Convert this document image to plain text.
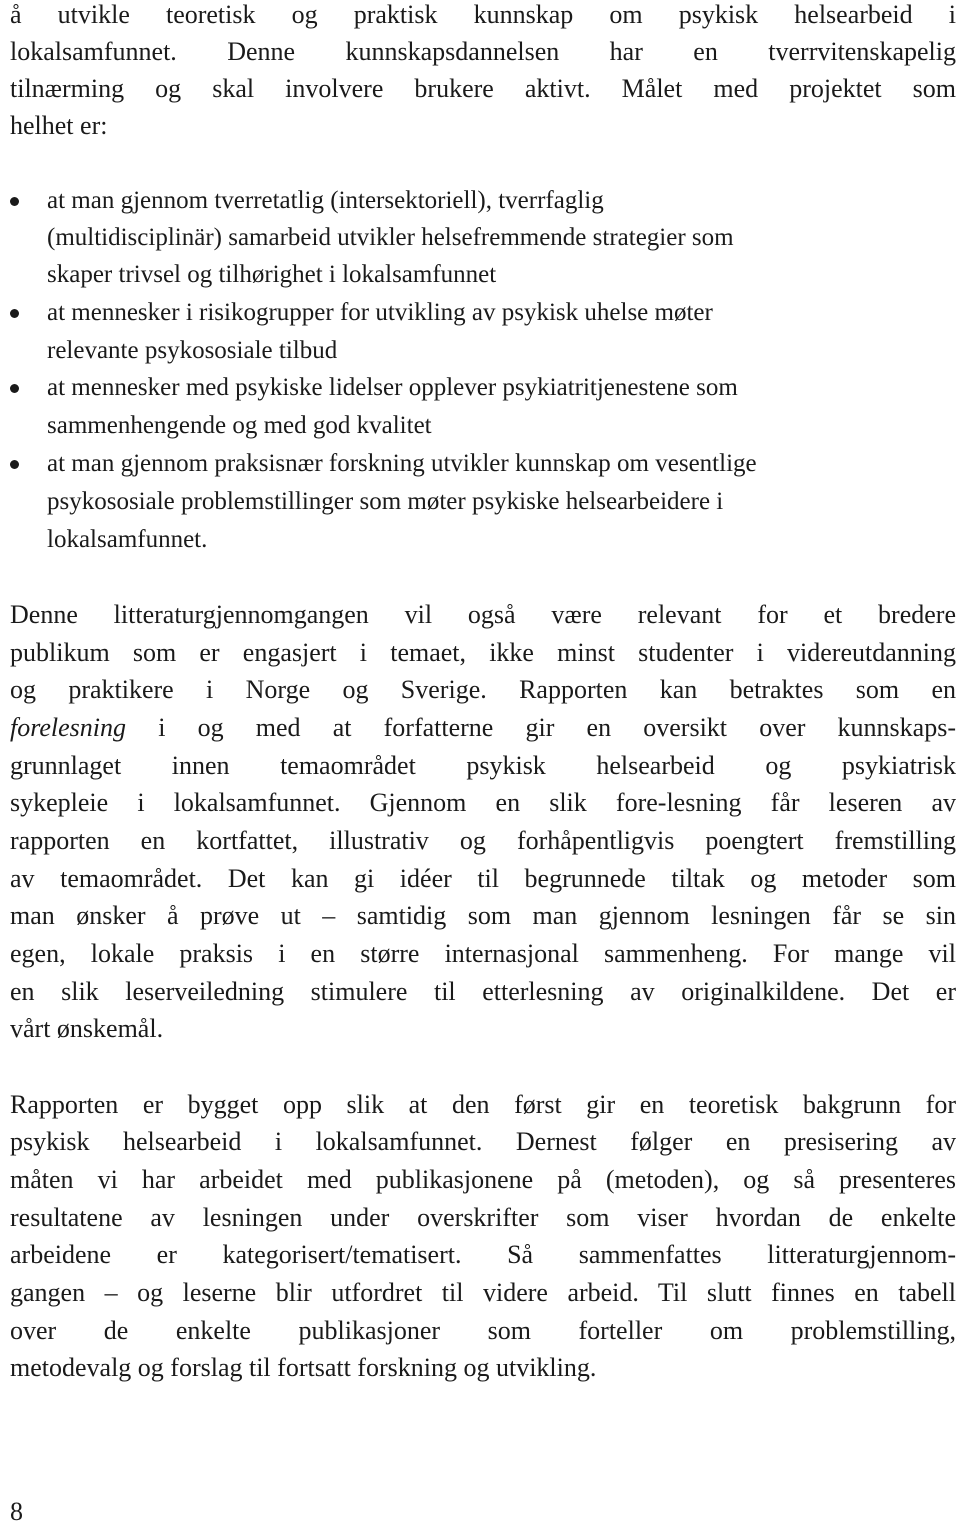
å utvikle teoretisk og praktisk kunnskap om psykisk helsearbeid i
lokalsamfunnet. Denne kunnskapsdannelsen har en tverrvitenskapelig
tilnærming og skal involvere brukere aktivt. Målet med projektet som
helhet er:
at man gjennom tverretatlig (intersektoriell), tverrfaglig
(multidisciplinär) samarbeid utvikler helsefremmende strategier som
skaper trivsel og tilhørighet i lokalsamfunnet
at mennesker i risikogrupper for utvikling av psykisk uhelse møter
relevante psykososiale tilbud
at mennesker med psykiske lidelser opplever psykiatritjenestene som
sammenhengende og med god kvalitet
at man gjennom praksisnær forskning utvikler kunnskap om vesentlige
psykososiale problemstillinger som møter psykiske helsearbeidere i
lokalsamfunnet.
Denne litteraturgjennomgangen vil også være relevant for et bredere
publikum som er engasjert i temaet, ikke minst studenter i videreutdanning
og praktikere i Norge og Sverige. Rapporten kan betraktes som en
forelesning i og med at forfatterne gir en oversikt over kunnskaps-
grunnlaget innen temaområdet psykisk helsearbeid og psykiatrisk
sykepleie i lokalsamfunnet. Gjennom en slik fore-lesning får leseren av
rapporten en kortfattet, illustrativ og forhåpentligvis poengtert fremstilling
av temaområdet. Det kan gi idéer til begrunnede tiltak og metoder som
man ønsker å prøve ut – samtidig som man gjennom lesningen får se sin
egen, lokale praksis i en større internasjonal sammenheng. For mange vil
en slik leserveiledning stimulere til etterlesning av originalkildene. Det er
vårt ønskemål.
Rapporten er bygget opp slik at den først gir en teoretisk bakgrunn for
psykisk helsearbeid i lokalsamfunnet. Dernest følger en presisering av
måten vi har arbeidet med publikasjonene på (metoden), og så presenteres
resultatene av lesningen under overskrifter som viser hvordan de enkelte
arbeidene er kategorisert/tematisert. Så sammenfattes litteraturgjennom-
gangen – og leserne blir utfordret til videre arbeid. Til slutt finnes en tabell
over de enkelte publikasjoner som forteller om problemstilling,
metodevalg og forslag til fortsatt forskning og utvikling.
8
